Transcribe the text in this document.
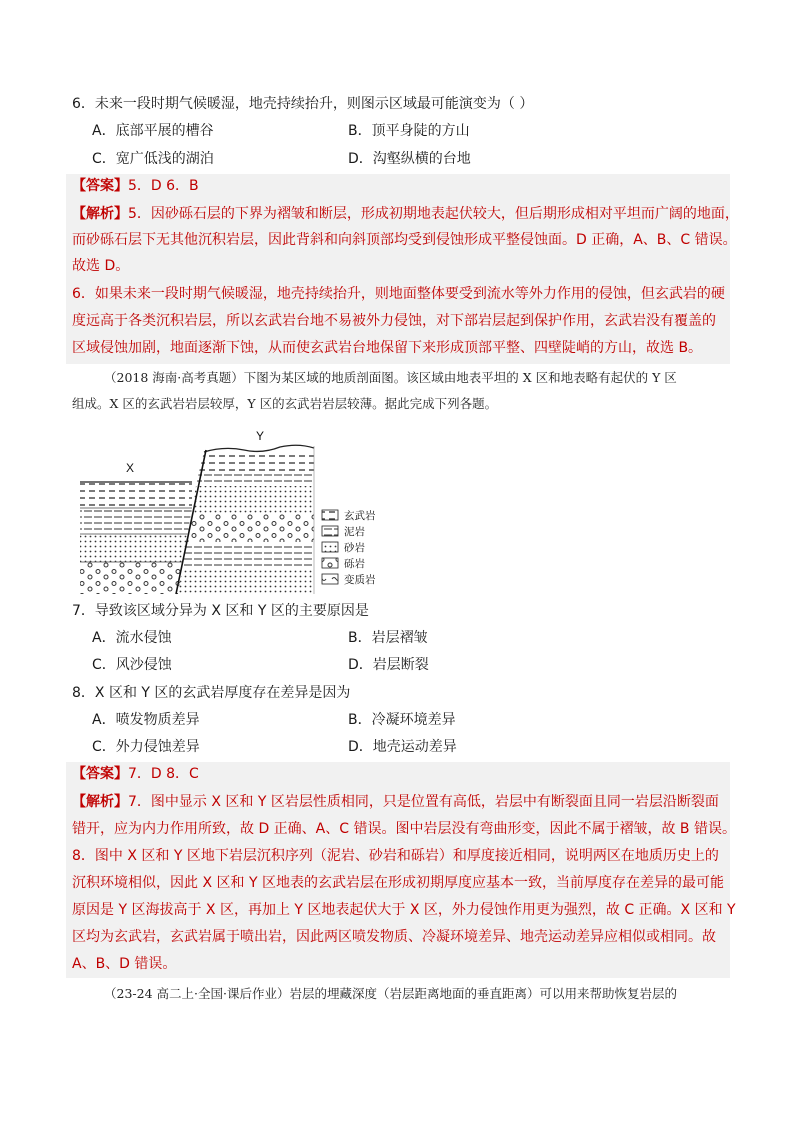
6．未来一段时期气候暖湿，地壳持续抬升，则图示区域最可能演变为（ ）
A．底部平展的槽谷	B．顶平身陡的方山
C．宽广低浅的湖泊	D．沟壑纵横的台地
【答案】5．D 6．B
【解析】5．因砂砾石层的下界为褶皱和断层，形成初期地表起伏较大，但后期形成相对平坦而广阔的地面，
而砂砾石层下无其他沉积岩层，因此背斜和向斜顶部均受到侵蚀形成平整侵蚀面。D 正确，A、B、C 错误。
故选 D。
6．如果未来一段时期气候暖湿，地壳持续抬升，则地面整体要受到流水等外力作用的侵蚀，但玄武岩的硬
度远高于各类沉积岩层，所以玄武岩台地不易被外力侵蚀，对下部岩层起到保护作用，玄武岩没有覆盖的
区域侵蚀加剧，地面逐渐下蚀，从而使玄武岩台地保留下来形成顶部平整、四壁陡峭的方山，故选 B。
（2018 海南·高考真题）下图为某区域的地质剖面图。该区域由地表平坦的 X 区和地表略有起伏的 Y 区
组成。X 区的玄武岩岩层较厚，Y 区的玄武岩岩层较薄。据此完成下列各题。
X
Y
玄武岩
泥岩
砂岩
砾岩
变质岩
7．导致该区域分异为 X 区和 Y 区的主要原因是
A．流水侵蚀	B．岩层褶皱
C．风沙侵蚀	D．岩层断裂
8．X 区和 Y 区的玄武岩厚度存在差异是因为
A．喷发物质差异	B．冷凝环境差异
C．外力侵蚀差异	D．地壳运动差异
【答案】7．D 8．C
【解析】7．图中显示 X 区和 Y 区岩层性质相同，只是位置有高低，岩层中有断裂面且同一岩层沿断裂面
错开，应为内力作用所致，故 D 正确、A、C 错误。图中岩层没有弯曲形变，因此不属于褶皱，故 B 错误。
8．图中 X 区和 Y 区地下岩层沉积序列（泥岩、砂岩和砾岩）和厚度接近相同，说明两区在地质历史上的
沉积环境相似，因此 X 区和 Y 区地表的玄武岩层在形成初期厚度应基本一致，当前厚度存在差异的最可能
原因是 Y 区海拔高于 X 区，再加上 Y 区地表起伏大于 X 区，外力侵蚀作用更为强烈，故 C 正确。X 区和 Y
区均为玄武岩，玄武岩属于喷出岩，因此两区喷发物质、冷凝环境差异、地壳运动差异应相似或相同。故
A、B、D 错误。
（23-24 高二上·全国·课后作业）岩层的埋藏深度（岩层距离地面的垂直距离）可以用来帮助恢复岩层的
